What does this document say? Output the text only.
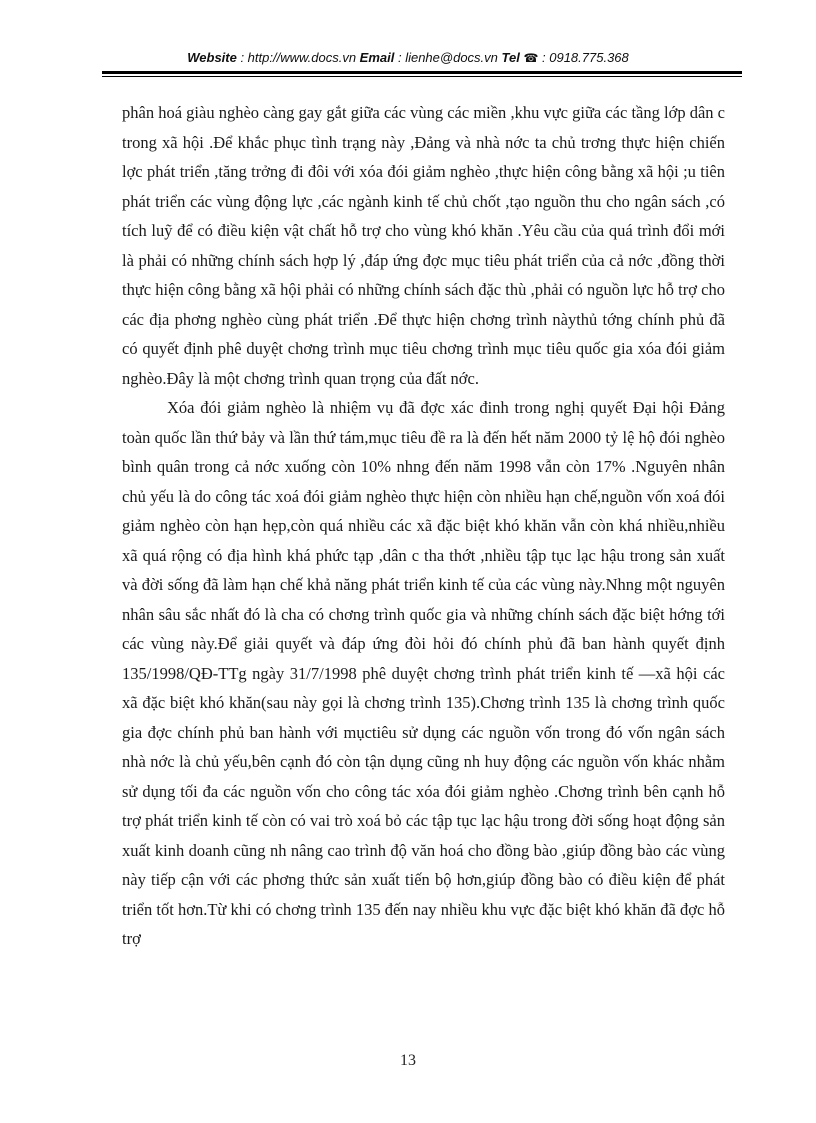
Website : http://www.docs.vn Email : lienhe@docs.vn Tel ☎ : 0918.775.368

phân hoá giàu nghèo càng gay gắt giữa các vùng các miền ,khu vực giữa các tầng lớp dân c trong xã hội .Để khắc phục tình trạng này ,Đảng và nhà nớc ta chủ trơng thực hiện chiến lợc phát triển ,tăng trởng đi đôi với xóa đói giảm nghèo ,thực hiện công bằng xã hội ;u tiên phát triển các vùng động lực ,các ngành kinh tế chủ chốt ,tạo nguồn thu cho ngân sách ,có tích luỹ để có điều kiện vật chất hỗ trợ cho vùng khó khăn .Yêu cầu của quá trình đổi mới là phải có những chính sách hợp lý ,đáp ứng đợc mục tiêu phát triển của cả nớc ,đồng thời thực hiện công bằng xã hội phải có những chính sách đặc thù ,phải có nguồn lực hỗ trợ cho các địa phơng nghèo cùng phát triển .Để thực hiện chơng trình nàythủ tớng chính phủ đã có quyết định phê duyệt chơng trình mục tiêu chơng trình mục tiêu quốc gia xóa đói giảm nghèo.Đây là một chơng trình quan trọng của đất nớc.

Xóa đói giảm nghèo là nhiệm vụ đã đợc xác đinh trong nghị quyết Đại hội Đảng toàn quốc lần thứ bảy và lần thứ tám,mục tiêu đề ra là đến hết năm 2000 tỷ lệ hộ đói nghèo bình quân trong cả nớc xuống còn 10% nhng đến năm 1998 vẫn còn 17% .Nguyên nhân chủ yếu là do công tác xoá đói giảm nghèo thực hiện còn nhiều hạn chế,nguồn vốn xoá đói giảm nghèo còn hạn hẹp,còn quá nhiều các xã đặc biệt khó khăn vẫn còn khá nhiều,nhiều xã quá rộng có địa hình khá phức tạp ,dân c tha thớt ,nhiều tập tục lạc hậu trong sản xuất và đời sống đã làm hạn chế khả năng phát triển kinh tế của các vùng này.Nhng một nguyên nhân sâu sắc nhất đó là cha có chơng trình quốc gia và những chính sách đặc biệt hớng tới các vùng này.Để giải quyết và đáp ứng đòi hỏi đó chính phủ đã ban hành quyết định 135/1998/QĐ-TTg ngày 31/7/1998 phê duyệt chơng trình phát triển kinh tế —xã hội các xã đặc biệt khó khăn(sau này gọi là chơng trình 135).Chơng trình 135 là chơng trình quốc gia đợc chính phủ ban hành với mụctiêu sử dụng các nguồn vốn trong đó vốn ngân sách nhà nớc là chủ yếu,bên cạnh đó còn tận dụng cũng nh huy động các nguồn vốn khác nhằm sử dụng tối đa các nguồn vốn cho công tác xóa đói giảm nghèo .Chơng trình bên cạnh hỗ trợ phát triển kinh tế còn có vai trò xoá bỏ các tập tục lạc hậu trong đời sống hoạt động sản xuất kinh doanh cũng nh nâng cao trình độ văn hoá cho đồng bào ,giúp đồng bào các vùng này tiếp cận với các phơng thức sản xuất tiến bộ hơn,giúp đồng bào có điều kiện để phát triển tốt hơn.Từ khi có chơng trình 135 đến nay nhiều khu vực đặc biệt khó khăn đã đợc hỗ trợ

13
